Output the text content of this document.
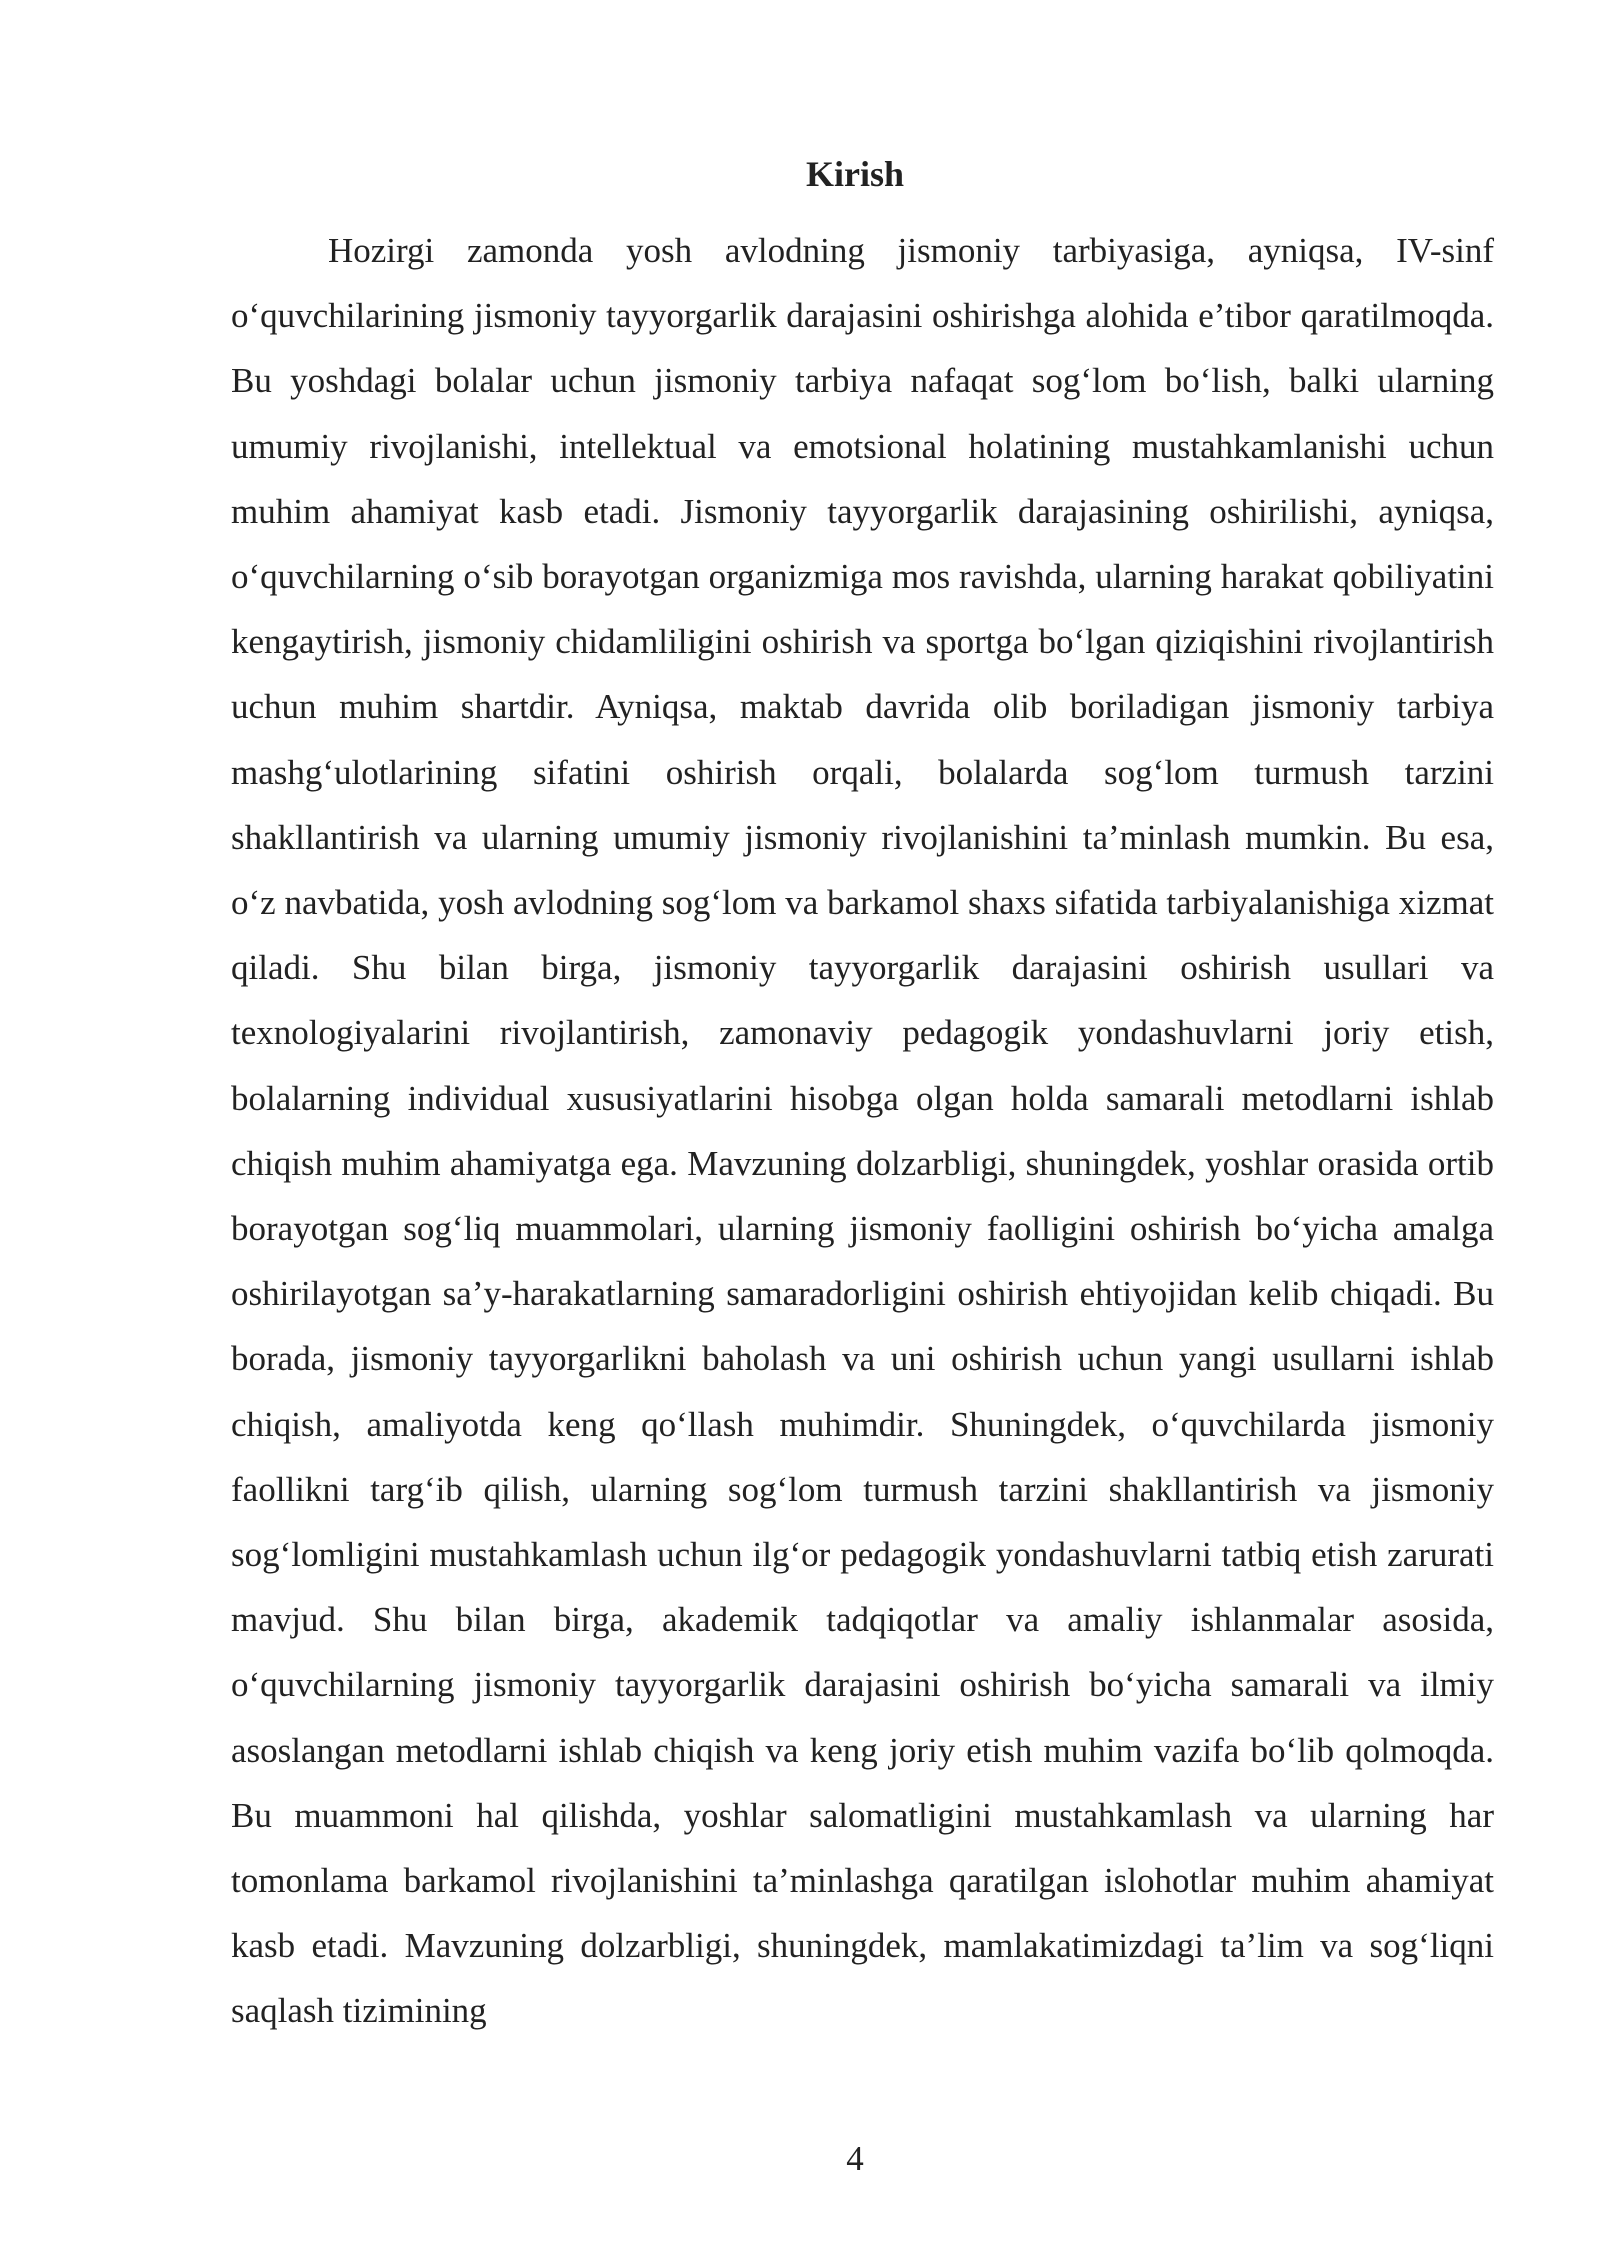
Kirish

Hozirgi zamonda yosh avlodning jismoniy tarbiyasiga, ayniqsa, IV-sinf o‘quvchilarining jismoniy tayyorgarlik darajasini oshirishga alohida e’tibor qaratilmoqda. Bu yoshdagi bolalar uchun jismoniy tarbiya nafaqat sog‘lom bo‘lish, balki ularning umumiy rivojlanishi, intellektual va emotsional holatining mustahkamlanishi uchun muhim ahamiyat kasb etadi. Jismoniy tayyorgarlik darajasining oshirilishi, ayniqsa, o‘quvchilarning o‘sib borayotgan organizmiga mos ravishda, ularning harakat qobiliyatini kengaytirish, jismoniy chidamliligini oshirish va sportga bo‘lgan qiziqishini rivojlantirish uchun muhim shartdir. Ayniqsa, maktab davrida olib boriladigan jismoniy tarbiya mashg‘ulotlarining sifatini oshirish orqali, bolalarda sog‘lom turmush tarzini shakllantirish va ularning umumiy jismoniy rivojlanishini ta’minlash mumkin. Bu esa, o‘z navbatida, yosh avlodning sog‘lom va barkamol shaxs sifatida tarbiyalanishiga xizmat qiladi. Shu bilan birga, jismoniy tayyorgarlik darajasini oshirish usullari va texnologiyalarini rivojlantirish, zamonaviy pedagogik yondashuvlarni joriy etish, bolalarning individual xususiyatlarini hisobga olgan holda samarali metodlarni ishlab chiqish muhim ahamiyatga ega. Mavzuning dolzarbligi, shuningdek, yoshlar orasida ortib borayotgan sog‘liq muammolari, ularning jismoniy faolligini oshirish bo‘yicha amalga oshirilayotgan sa’y-harakatlarning samaradorligini oshirish ehtiyojidan kelib chiqadi. Bu borada, jismoniy tayyorgarlikni baholash va uni oshirish uchun yangi usullarni ishlab chiqish, amaliyotda keng qo‘llash muhimdir. Shuningdek, o‘quvchilarda jismoniy faollikni targ‘ib qilish, ularning sog‘lom turmush tarzini shakllantirish va jismoniy sog‘lomligini mustahkamlash uchun ilg‘or pedagogik yondashuvlarni tatbiq etish zarurati mavjud. Shu bilan birga, akademik tadqiqotlar va amaliy ishlanmalar asosida, o‘quvchilarning jismoniy tayyorgarlik darajasini oshirish bo‘yicha samarali va ilmiy asoslangan metodlarni ishlab chiqish va keng joriy etish muhim vazifa bo‘lib qolmoqda. Bu muammoni hal qilishda, yoshlar salomatligini mustahkamlash va ularning har tomonlama barkamol rivojlanishini ta’minlashga qaratilgan islohotlar muhim ahamiyat kasb etadi. Mavzuning dolzarbligi, shuningdek, mamlakatimizdagi ta’lim va sog‘liqni saqlash tizimining

4
